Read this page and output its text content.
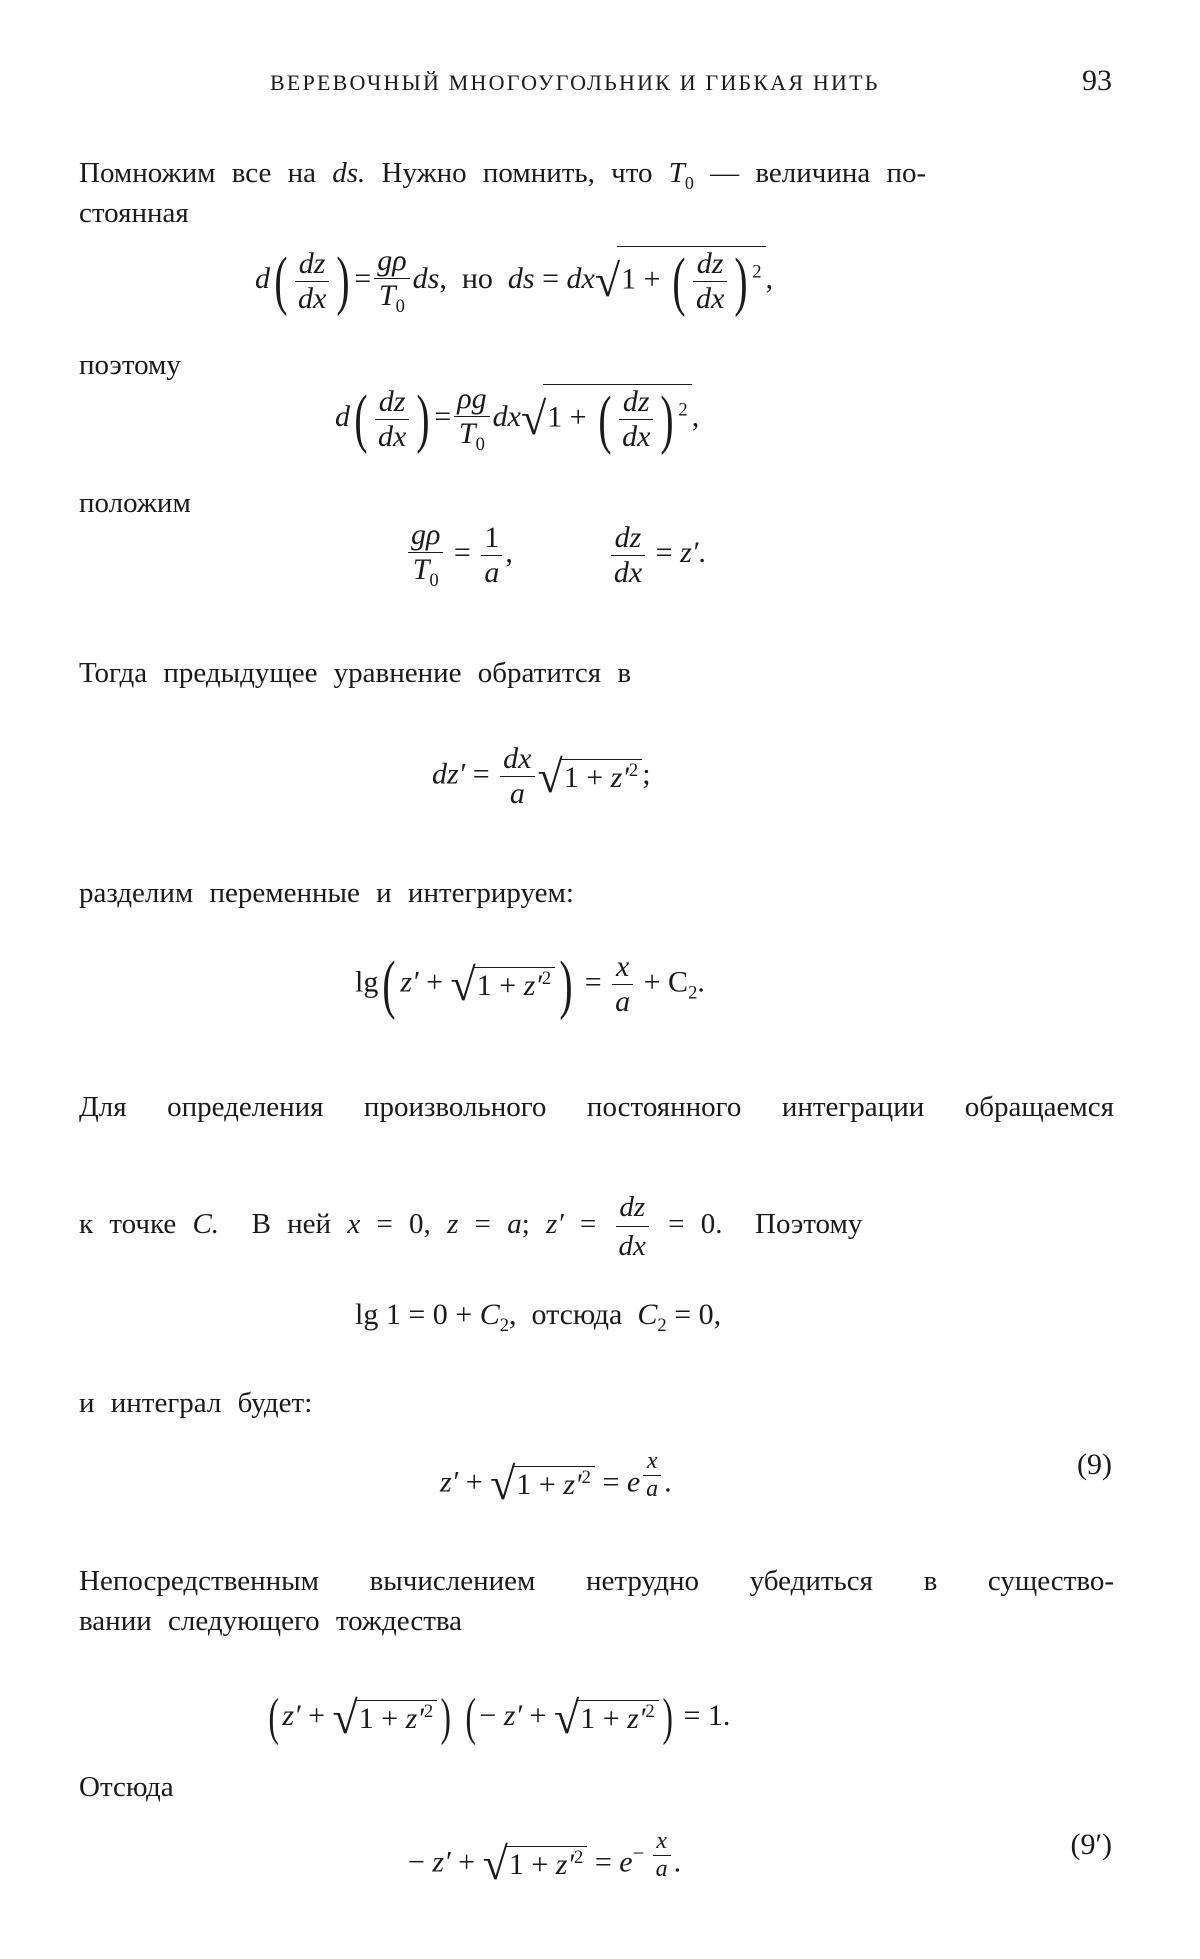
ВЕРЕВОЧНЫЙ МНОГОУГОЛЬНИК И ГИБКАЯ НИТЬ	93
Помножим все на ds. Нужно помнить, что $T_0$ — величина по-
стоянная
$d( \frac{dz}{dx}$ ) = $\frac{g\rho}{T_0}$ ds,  но ds = dx√1 + ( $\frac{dz}{dx}$ ) $^2$ ,
поэтому
$d( \frac{dz}{dx}$ ) = $\frac{\rho g}{T_0} dx√1$ + ( $\frac{dz}{dx}$ ) $^2$ ,
положим
$\frac{g\rho}{T_0} = \frac{1}{a}$ ,	$\frac{dz}{dx} = z'$.
Тогда предыдущее уравнение обратится в
$dz' = \frac{dx}{a} √1 + z'^2$ ;
разделим переменные и интегрируем:
lg( $z' + √1 + z'^2$ ) = $\frac{x}{a} + C_2$.
Для определения произвольного постоянного интеграции обращаемся
к точке C. В ней x = 0, z = a; $z' = \frac{dz}{dx} = 0$.  Поэтому
$\lg 1 = 0 + C_2$,  отсюда $C_2 = 0$,
и интеграл будет:
$z' + √1 + z'^2 = e$ $^{\frac{x}{a}}$ .
(9)
Непосредственным вычислением нетрудно убедиться в существо-
вании следующего тождества
( $z' + √1 + z'^2$ ) ( − $z' + √1 + z'^2$ ) = 1.
Отсюда
− $z' + √1 + z'^2 = e^{- \frac{x}{a}}$ .
(9′)
